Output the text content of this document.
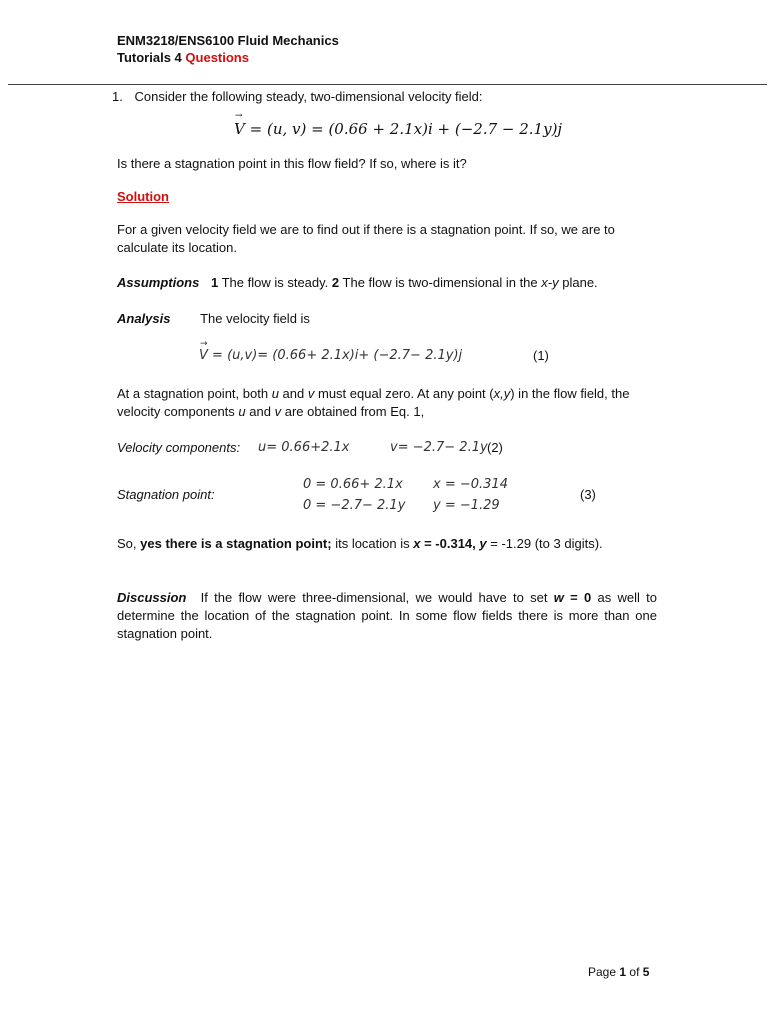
ENM3218/ENS6100 Fluid Mechanics
Tutorials 4 Questions
1. Consider the following steady, two-dimensional velocity field:
→ V = (u, v) = (0.66 + 2.1x)i + (−2.7 − 2.1y)j
Is there a stagnation point in this flow field? If so, where is it?
Solution
For a given velocity field we are to find out if there is a stagnation point. If so, we are to calculate its location.
Assumptions 1 The flow is steady. 2 The flow is two-dimensional in the x-y plane.
Analysis The velocity field is
→ V = (u,v)= (0.66+ 2.1x)i+ (−2.7− 2.1y)j	(1)
At a stagnation point, both u and v must equal zero. At any point (x,y) in the flow field, the velocity components u and v are obtained from Eq. 1,
Velocity components: u= 0.66+2.1x	v= −2.7− 2.1y (2)
Stagnation point:
0 = 0.66+ 2.1x
0 = −2.7− 2.1y
x = −0.314
y = −1.29
(3)
So, yes there is a stagnation point; its location is x = -0.314, y = -1.29 (to 3 digits).
Discussion If the flow were three-dimensional, we would have to set w = 0 as well to determine the location of the stagnation point. In some flow fields there is more than one stagnation point.
Page 1 of 5
